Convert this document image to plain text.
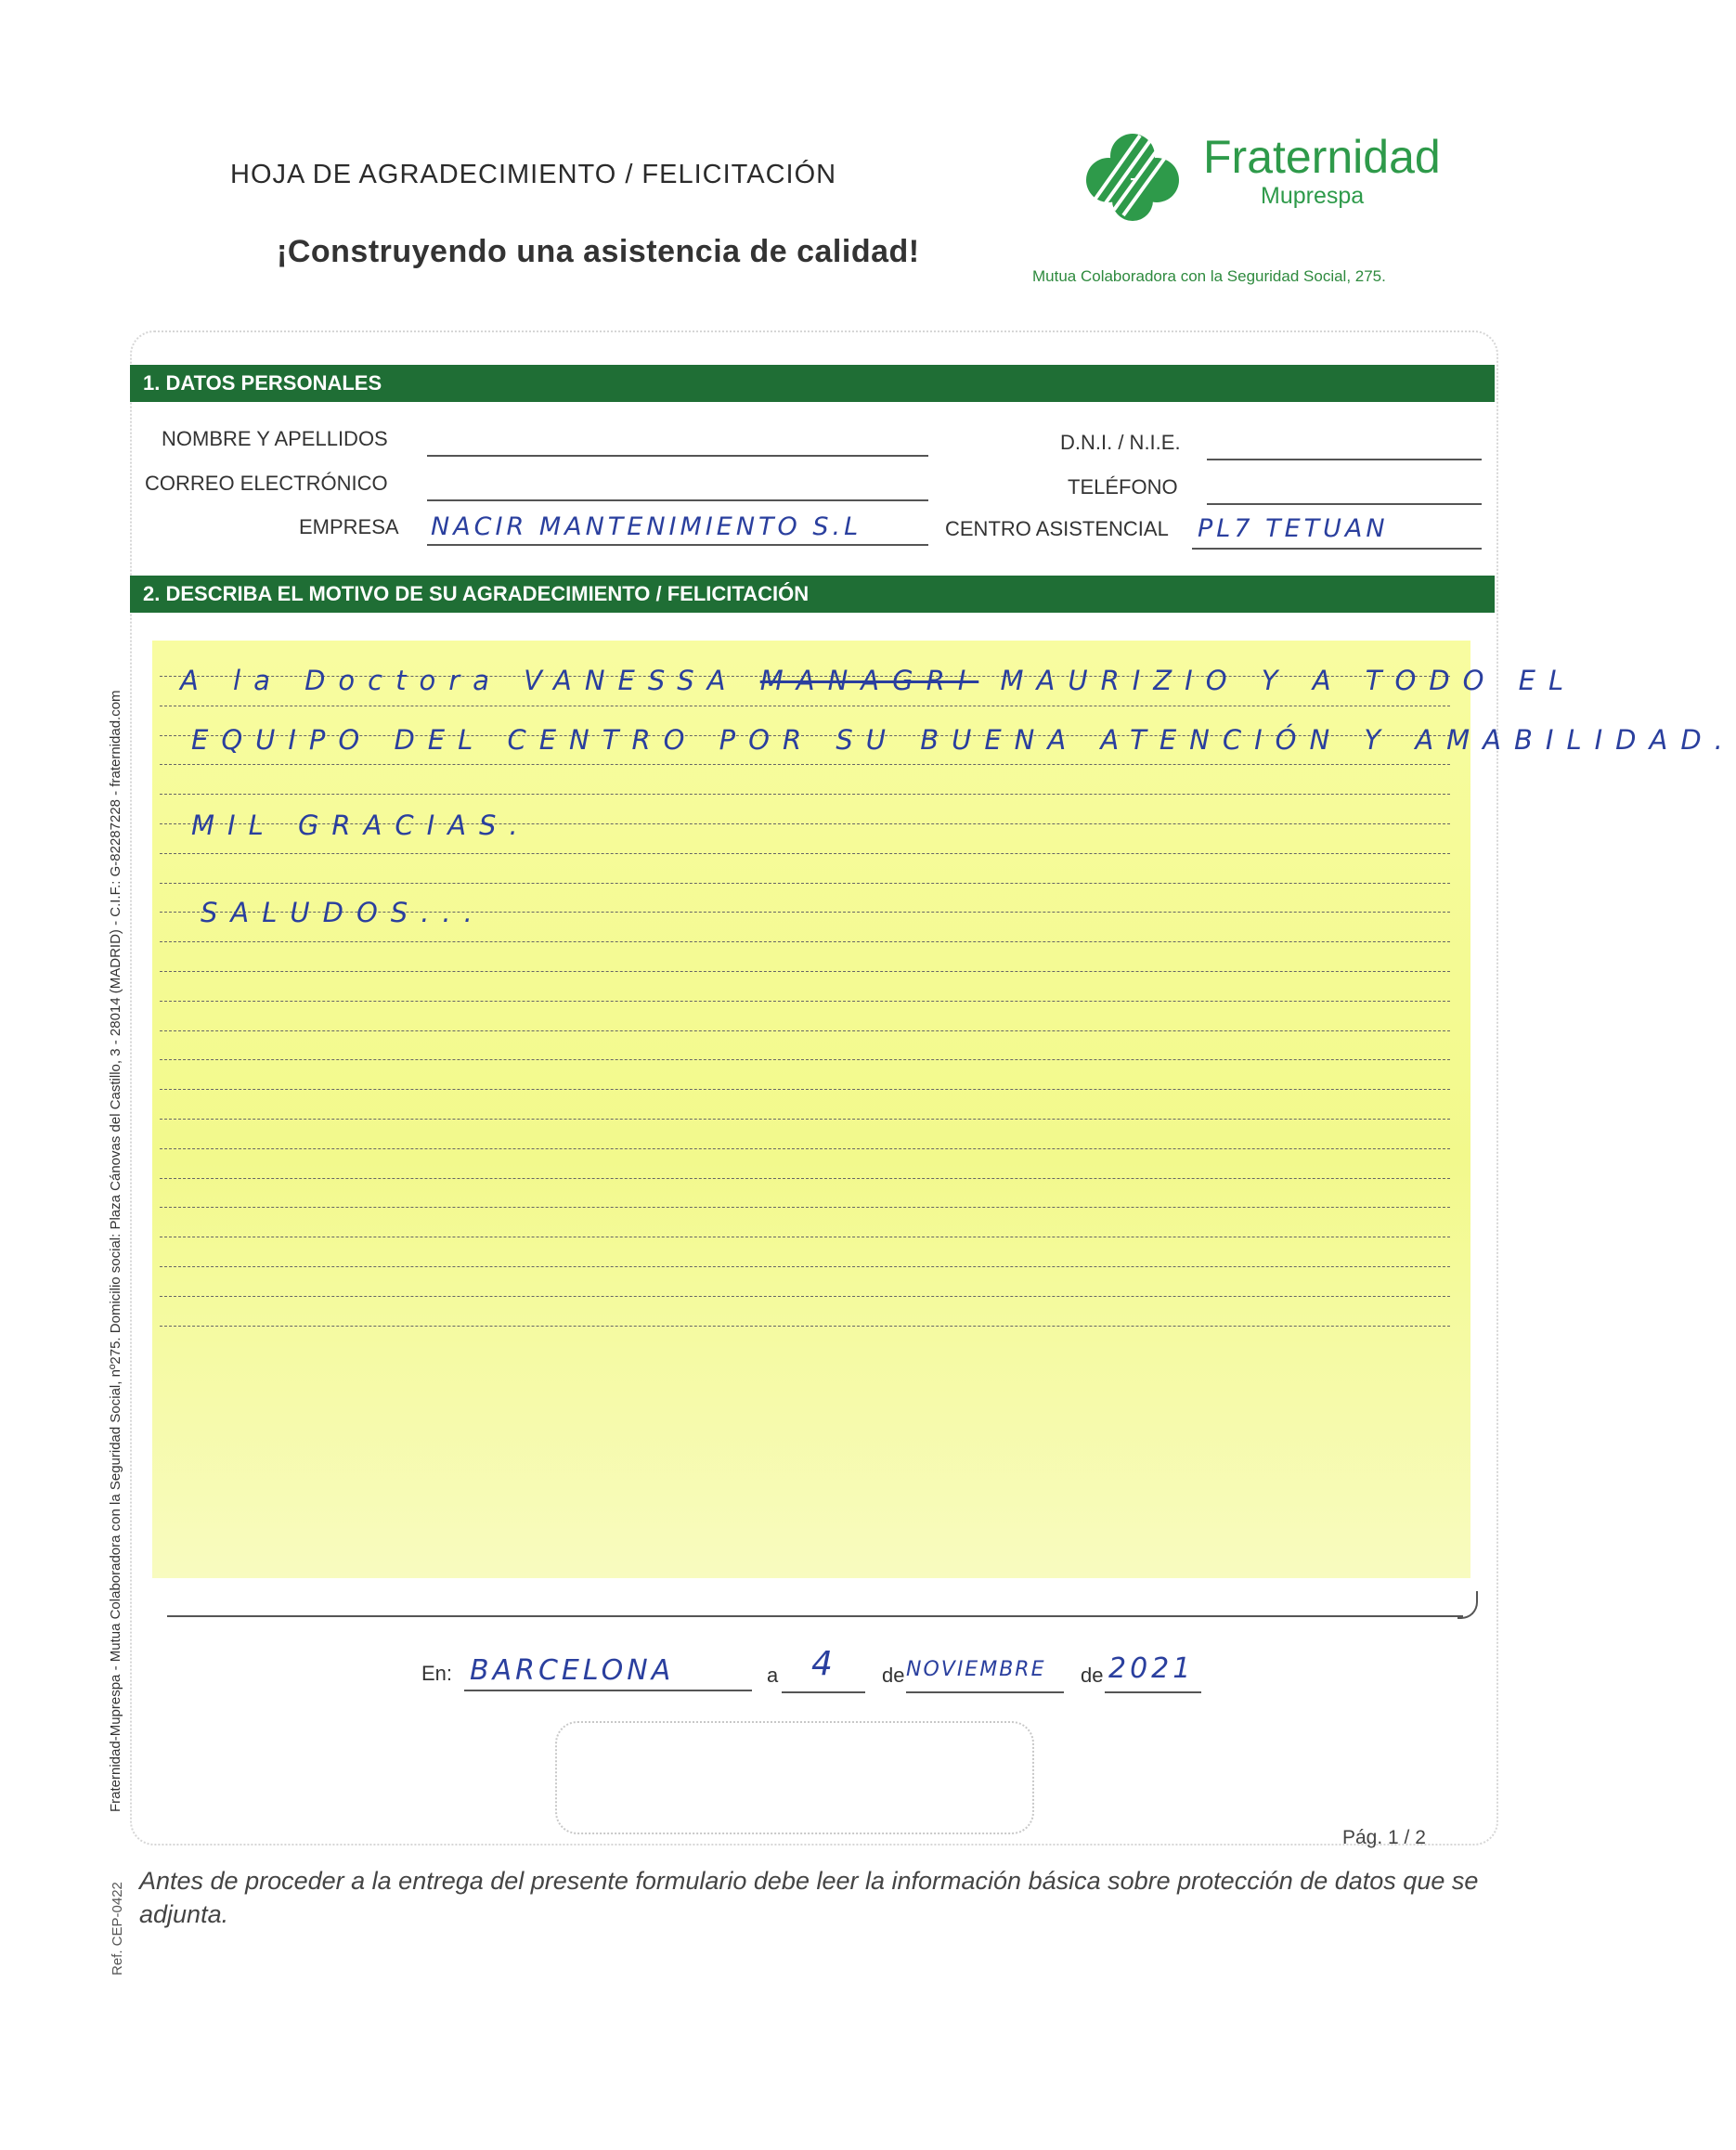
HOJA DE AGRADECIMIENTO / FELICITACIÓN
¡Construyendo una asistencia de calidad!
Fraternidad
Muprespa
Mutua Colaboradora con la Seguridad Social, 275.
1. DATOS PERSONALES
NOMBRE Y APELLIDOS
CORREO ELECTRÓNICO
EMPRESA NACIR MANTENIMIENTO S.L
D.N.I. / N.I.E.
TELÉFONO
CENTRO ASISTENCIAL PL7 TETUAN
2. DESCRIBA EL MOTIVO DE SU AGRADECIMIENTO / FELICITACIÓN
A la Doctora VANESSA MANAGRI MAURIZIO Y A TODO EL
EQUIPO DEL CENTRO POR SU BUENA ATENCIÓN Y AMABILIDAD.
MIL GRACIAS.
SALUDOS...
En: BARCELONA	a 4 de NOVIEMBRE de 2021
Pág. 1 / 2
Antes de proceder a la entrega del presente formulario debe leer la información básica sobre protección de datos que se adjunta.
Fraternidad-Muprespa - Mutua Colaboradora con la Seguridad Social, nº275. Domicilio social: Plaza Cánovas del Castillo, 3 - 28014 (MADRID) - C.I.F.: G-82287228 - fraternidad.com
Ref. CEP-0422
